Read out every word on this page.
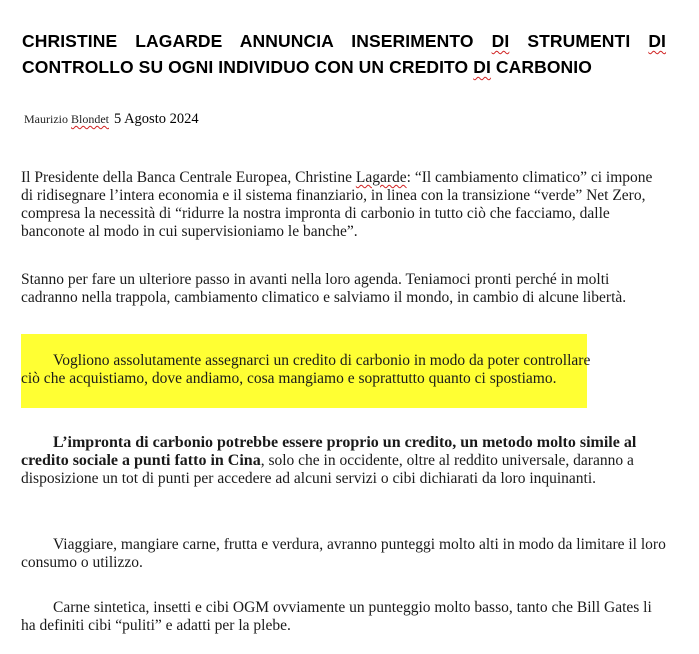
CHRISTINE LAGARDE ANNUNCIA INSERIMENTO DI STRUMENTI DI CONTROLLO SU OGNI INDIVIDUO CON UN CREDITO DI CARBONIO
Maurizio Blondet 5 Agosto 2024

Il Presidente della Banca Centrale Europea, Christine Lagarde: “Il cambiamento climatico” ci impone di ridisegnare l’intera economia e il sistema finanziario, in linea con la transizione “verde” Net Zero, compresa la necessità di “ridurre la nostra impronta di carbonio in tutto ciò che facciamo, dalle banconote al modo in cui supervisioniamo le banche”.

Stanno per fare un ulteriore passo in avanti nella loro agenda. Teniamoci pronti perché in molti cadranno nella trappola, cambiamento climatico e salviamo il mondo, in cambio di alcune libertà.

Vogliono assolutamente assegnarci un credito di carbonio in modo da poter controllare ciò che acquistiamo, dove andiamo, cosa mangiamo e soprattutto quanto ci spostiamo.

L’impronta di carbonio potrebbe essere proprio un credito, un metodo molto simile al credito sociale a punti fatto in Cina, solo che in occidente, oltre al reddito universale, daranno a disposizione un tot di punti per accedere ad alcuni servizi o cibi dichiarati da loro inquinanti.

Viaggiare, mangiare carne, frutta e verdura, avranno punteggi molto alti in modo da limitare il loro consumo o utilizzo.

Carne sintetica, insetti e cibi OGM ovviamente un punteggio molto basso, tanto che Bill Gates li ha definiti cibi “puliti” e adatti per la plebe.
